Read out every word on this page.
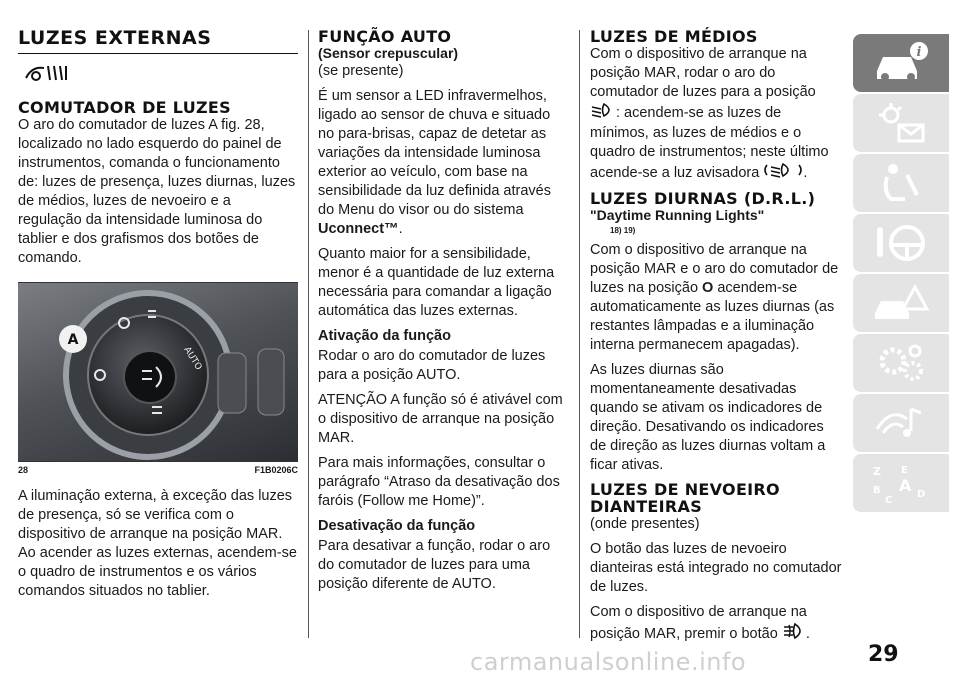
LUZES EXTERNAS
COMUTADOR DE LUZES

O aro do comutador de luzes A fig. 28, localizado no lado esquerdo do painel de instrumentos, comanda o funcionamento de: luzes de presença, luzes diurnas, luzes de médios, luzes de nevoeiro e a regulação da intensidade luminosa do tablier e dos grafismos dos botões de comando.

A
AUTO
28	F1B0206C

A iluminação externa, à exceção das luzes de presença, só se verifica com o dispositivo de arranque na posição MAR. Ao acender as luzes externas, acendem-se o quadro de instrumentos e os vários comandos situados no tablier.

FUNÇÃO AUTO
(Sensor crepuscular)

(se presente)

É um sensor a LED infravermelhos, ligado ao sensor de chuva e situado no para-brisas, capaz de detetar as variações da intensidade luminosa exterior ao veículo, com base na sensibilidade da luz definida através do Menu do visor ou do sistema Uconnect™.

Quanto maior for a sensibilidade, menor é a quantidade de luz externa necessária para comandar a ligação automática das luzes externas.

Ativação da função

Rodar o aro do comutador de luzes para a posição AUTO.

ATENÇÃO A função só é ativável com o dispositivo de arranque na posição MAR.

Para mais informações, consultar o parágrafo “Atraso da desativação dos faróis (Follow me Home)”.

Desativação da função

Para desativar a função, rodar o aro do comutador de luzes para uma posição diferente de AUTO.

LUZES DE MÉDIOS

Com o dispositivo de arranque na posição MAR, rodar o aro do comutador de luzes para a posição
: acendem-se as luzes de mínimos, as luzes de médios e o quadro de instrumentos; neste último acende-se a luz avisadora	.

LUZES DIURNAS (D.R.L.)
"Daytime Running Lights"
18) 19)

Com o dispositivo de arranque na posição MAR e o aro do comutador de luzes na posição O acendem-se automaticamente as luzes diurnas (as restantes lâmpadas e a iluminação interna permanecem apagadas).

As luzes diurnas são momentaneamente desativadas quando se ativam os indicadores de direção. Desativando os indicadores de direção as luzes diurnas voltam a ficar ativas.

LUZES DE NEVOEIRO
DIANTEIRAS

(onde presentes)

O botão das luzes de nevoeiro dianteiras está integrado no comutador de luzes.

Com o dispositivo de arranque na posição MAR, premir o botão .

i
Z E
B A
C
D
29
carmanualsonline.info
